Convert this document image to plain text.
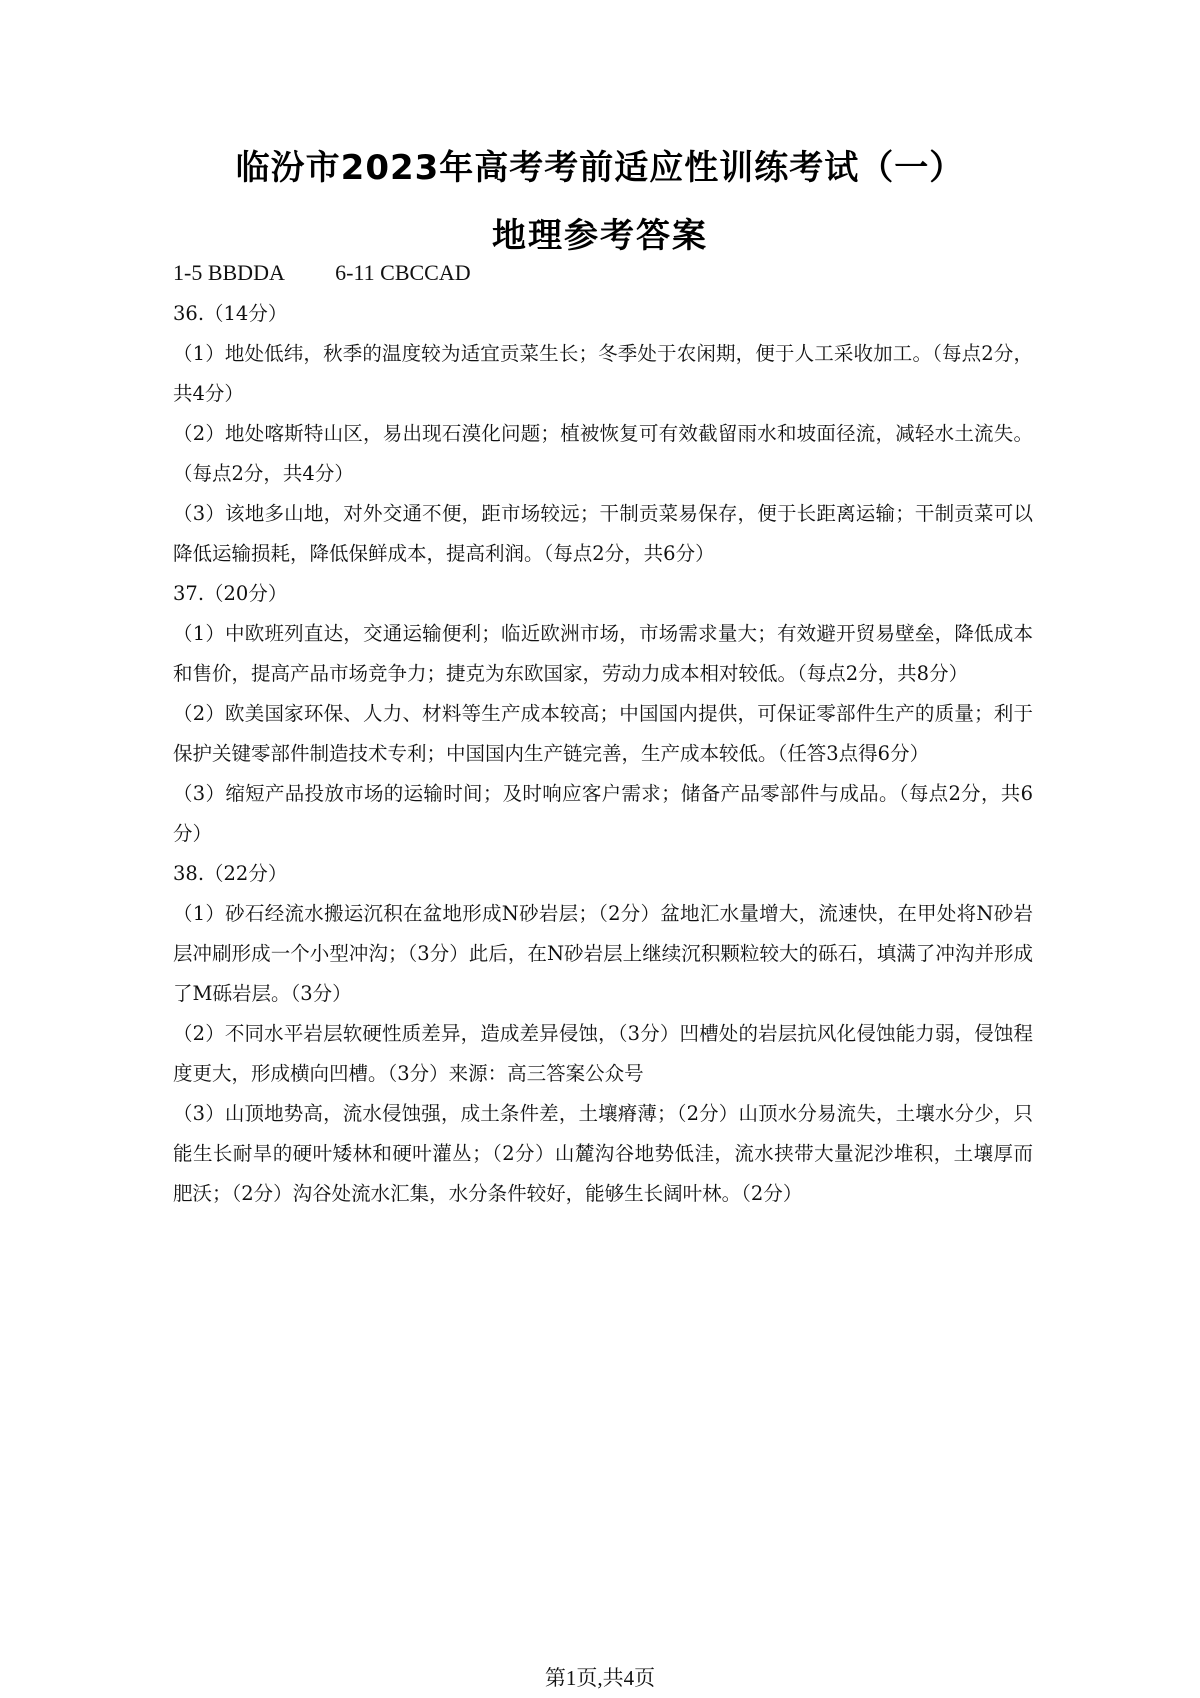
临汾市2023年高考考前适应性训练考试（一）
地理参考答案
1-5 BBDDA 6-11 CBCCAD
36.（14分）
（1）地处低纬，秋季的温度较为适宜贡菜生长；冬季处于农闲期，便于人工采收加工。（每点2分，共4分）
（2）地处喀斯特山区，易出现石漠化问题；植被恢复可有效截留雨水和坡面径流，减轻水土流失。（每点2分，共4分）
（3）该地多山地，对外交通不便，距市场较远；干制贡菜易保存，便于长距离运输；干制贡菜可以降低运输损耗，降低保鲜成本，提高利润。（每点2分，共6分）
37.（20分）
（1）中欧班列直达，交通运输便利；临近欧洲市场，市场需求量大；有效避开贸易壁垒，降低成本和售价，提高产品市场竞争力；捷克为东欧国家，劳动力成本相对较低。（每点2分，共8分）
（2）欧美国家环保、人力、材料等生产成本较高；中国国内提供，可保证零部件生产的质量；利于保护关键零部件制造技术专利；中国国内生产链完善，生产成本较低。（任答3点得6分）
（3）缩短产品投放市场的运输时间；及时响应客户需求；储备产品零部件与成品。（每点2分，共6分）
38.（22分）
（1）砂石经流水搬运沉积在盆地形成N砂岩层；（2分）盆地汇水量增大，流速快，在甲处将N砂岩层冲刷形成一个小型冲沟；（3分）此后，在N砂岩层上继续沉积颗粒较大的砾石，填满了冲沟并形成了M砾岩层。（3分）
（2）不同水平岩层软硬性质差异，造成差异侵蚀，（3分）凹槽处的岩层抗风化侵蚀能力弱，侵蚀程度更大，形成横向凹槽。（3分）来源：高三答案公众号
（3）山顶地势高，流水侵蚀强，成土条件差，土壤瘠薄；（2分）山顶水分易流失，土壤水分少，只能生长耐旱的硬叶矮林和硬叶灌丛；（2分）山麓沟谷地势低洼，流水挟带大量泥沙堆积，土壤厚而肥沃；（2分）沟谷处流水汇集，水分条件较好，能够生长阔叶林。（2分）
第1页,共4页
